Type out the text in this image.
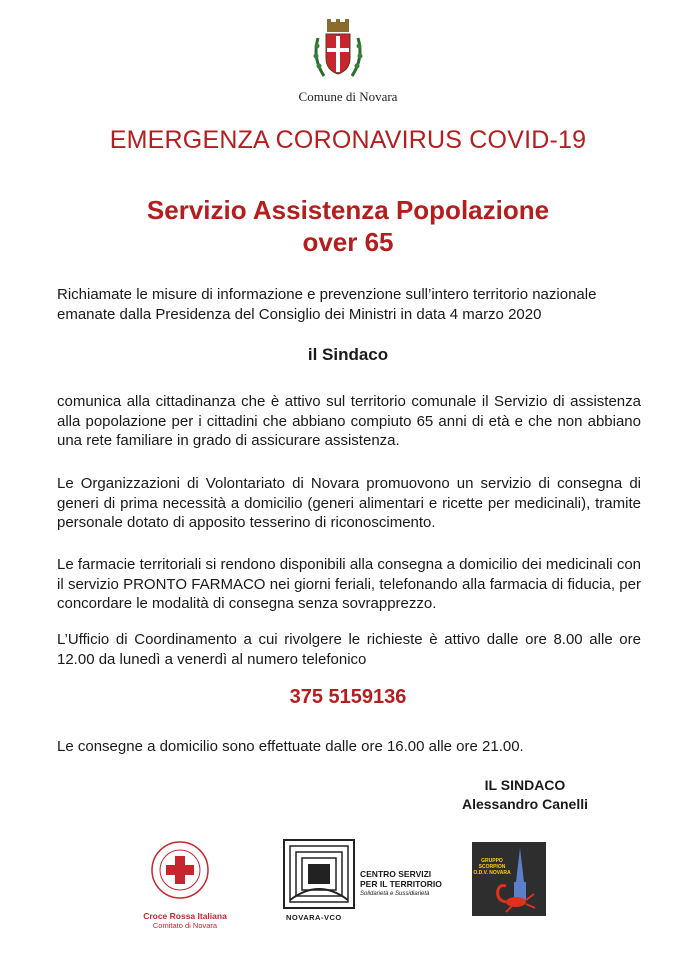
Comune di Novara
EMERGENZA CORONAVIRUS COVID-19
Servizio Assistenza Popolazione
over 65
Richiamate le misure di informazione e prevenzione sull’intero territorio nazionale emanate dalla Presidenza del Consiglio dei Ministri in data 4 marzo 2020
il Sindaco
comunica alla cittadinanza che è attivo sul territorio comunale il Servizio di assistenza alla popolazione per i cittadini che abbiano compiuto 65 anni di età e che non abbiano una rete familiare in grado di assicurare assistenza.
Le Organizzazioni di Volontariato di Novara promuovono un servizio di consegna di generi di prima necessità a domicilio (generi alimentari e ricette per medicinali), tramite personale dotato di apposito tesserino di riconoscimento.
Le farmacie territoriali si rendono disponibili alla consegna a domicilio dei medicinali con il servizio PRONTO FARMACO nei giorni feriali, telefonando alla farmacia di fiducia, per concordare le modalità di consegna senza sovrapprezzo.
L’Ufficio di Coordinamento a cui rivolgere le richieste è attivo dalle ore 8.00 alle ore 12.00 da lunedì a venerdì al numero telefonico
375 5159136
Le consegne a domicilio sono effettuate dalle ore 16.00 alle ore 21.00.
IL SINDACO
Alessandro Canelli
Croce Rossa Italiana
Comitato di Novara
CENTRO SERVIZI
PER IL TERRITORIO
Solidarietà e Sussidiarietà
NOVARA-VCO
GRUPPO SCORPION O.D.V. NOVARA
